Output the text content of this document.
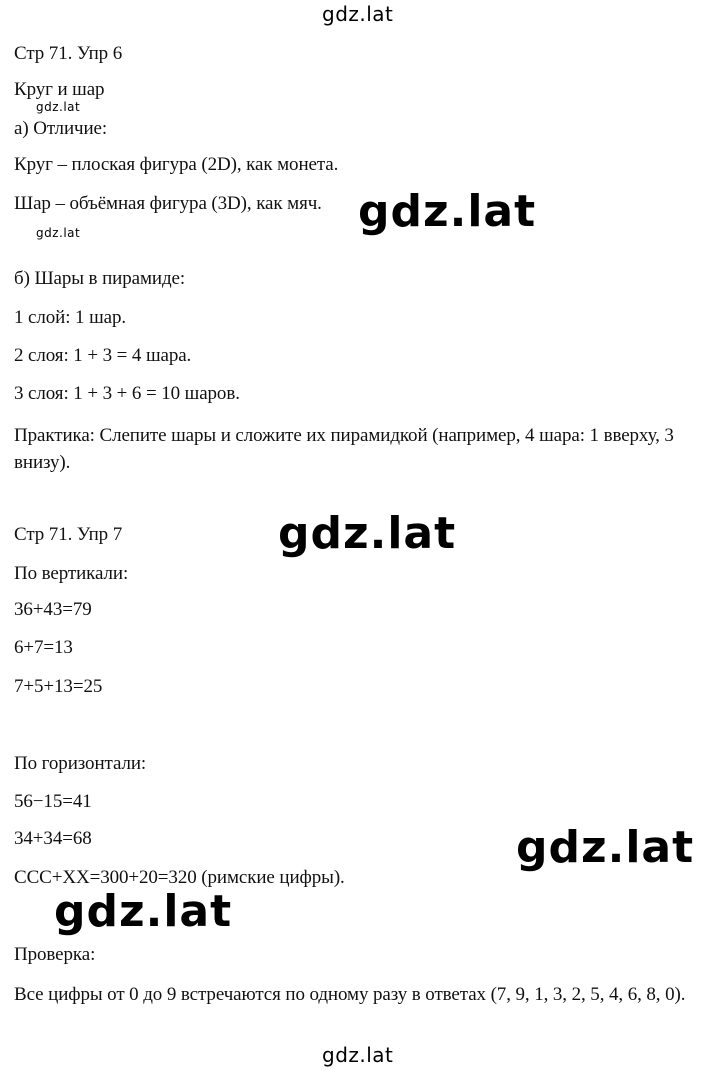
gdz.lat
gdz.lat
gdz.lat
Стр 71. Упр 6
Круг и шар
а) Отличие:
Круг – плоская фигура (2D), как монета.
Шар – объёмная фигура (3D), как мяч.
б) Шары в пирамиде:
1 слой: 1 шар.
2 слоя: 1 + 3 = 4 шара.
3 слоя: 1 + 3 + 6 = 10 шаров.
Практика: Слепите шары и сложите их пирамидкой (например, 4 шара: 1 вверху, 3 внизу).
Стр 71. Упр 7
По вертикали:
36+43=79
6+7=13
7+5+13=25
По горизонтали:
56−15=41
34+34=68
CCC+XX=300+20=320 (римские цифры).
Проверка:
Все цифры от 0 до 9 встречаются по одному разу в ответах (7, 9, 1, 3, 2, 5, 4, 6, 8, 0).
gdz.lat
gdz.lat
gdz.lat
gdz.lat
gdz.lat
